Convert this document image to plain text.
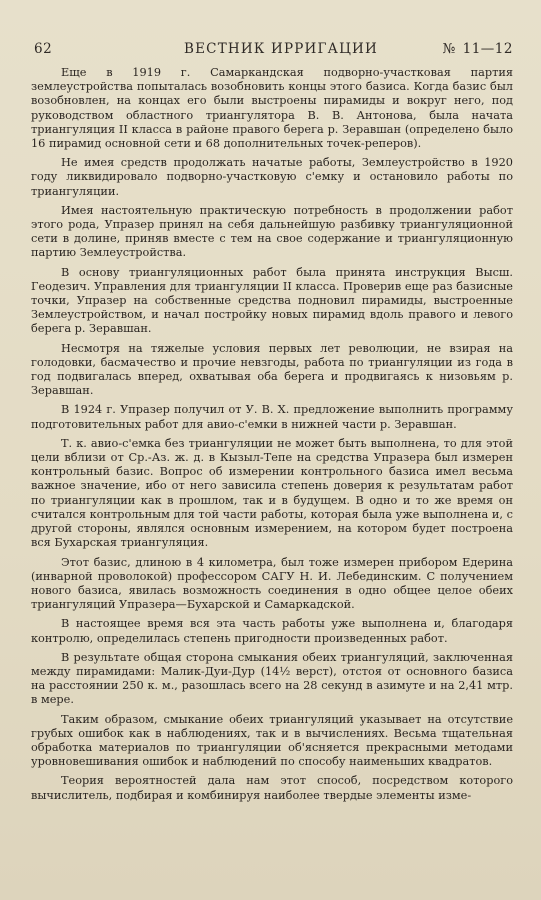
62	ВЕСТНИК ИРРИГАЦИИ	№ 11—12

Еще в 1919 г. Самаркандская подворно-участковая партия землеустройства попыталась возобновить концы этого базиса. Когда базис был возобновлен, на концах его были выстроены пирамиды и вокруг него, под руководством областного триангулятора В. В. Антонова, была начата триангуляция II класса в районе правого берега р. Зеравшан (определено было 16 пирамид основной сети и 68 дополнительных точек-реперов).

Не имея средств продолжать начатые работы, Землеустройство в 1920 году ликвидировало подворно-участковую с'емку и остановило работы по триангуляции.

Имея настоятельную практическую потребность в продолжении работ этого рода, Упразер принял на себя дальнейшую разбивку триангуляционной сети в долине, приняв вместе с тем на свое содержание и триангуляционную партию Землеустройства.

В основу триангуляционных работ была принята инструкция Высш. Геодезич. Управления для триангуляции II класса. Проверив еще раз базисные точки, Упразер на собственные средства подновил пирамиды, выстроенные Землеустройством, и начал постройку новых пирамид вдоль правого и левого берега р. Зеравшан.

Несмотря на тяжелые условия первых лет революции, не взирая на голодовки, басмачество и прочие невзгоды, работа по триангуляции из года в год подвигалась вперед, охватывая оба берега и продвигаясь к низовьям р. Зеравшан.

В 1924 г. Упразер получил от У. В. Х. предложение выполнить программу подготовительных работ для авио-с'емки в нижней части р. Зеравшан.

Т. к. авио-с'емка без триангуляции не может быть выполнена, то для этой цели вблизи от Ср.-Аз. ж. д. в Кызыл-Тепе на средства Упразера был измерен контрольный базис. Вопрос об измерении контрольного базиса имел весьма важное значение, ибо от него зависила степень доверия к результатам работ по триангуляции как в прошлом, так и в будущем. В одно и то же время он считался контрольным для той части работы, которая была уже выполнена и, с другой стороны, являлся основным измерением, на котором будет построена вся Бухарская триангуляция.

Этот базис, длиною в 4 километра, был тоже измерен прибором Едерина (инварной проволокой) профессором САГУ Н. И. Лебединским. С получением нового базиса, явилась возможность соединения в одно общее целое обеих триангуляций Упразера—Бухарской и Самаркадской.

В настоящее время вся эта часть работы уже выполнена и, благодаря контролю, определилась степень пригодности произведенных работ.

В результате общая сторона смыкания обеих триангуляций, заключенная между пирамидами: Малик-Дуи-Дур (14½ верст), отстоя от основного базиса на расстоянии 250 к. м., разошлась всего на 28 секунд в азимуте и на 2,41 мтр. в мере.

Таким образом, смыкание обеих триангуляций указывает на отсутствие грубых ошибок как в наблюдениях, так и в вычислениях. Весьма тщательная обработка материалов по триангуляции об'ясняется прекрасными методами уровновешивания ошибок и наблюдений по способу наименьших квадратов.

Теория вероятностей дала нам этот способ, посредством которого вычислитель, подбирая и комбинируя наиболее твердые элементы изме-
